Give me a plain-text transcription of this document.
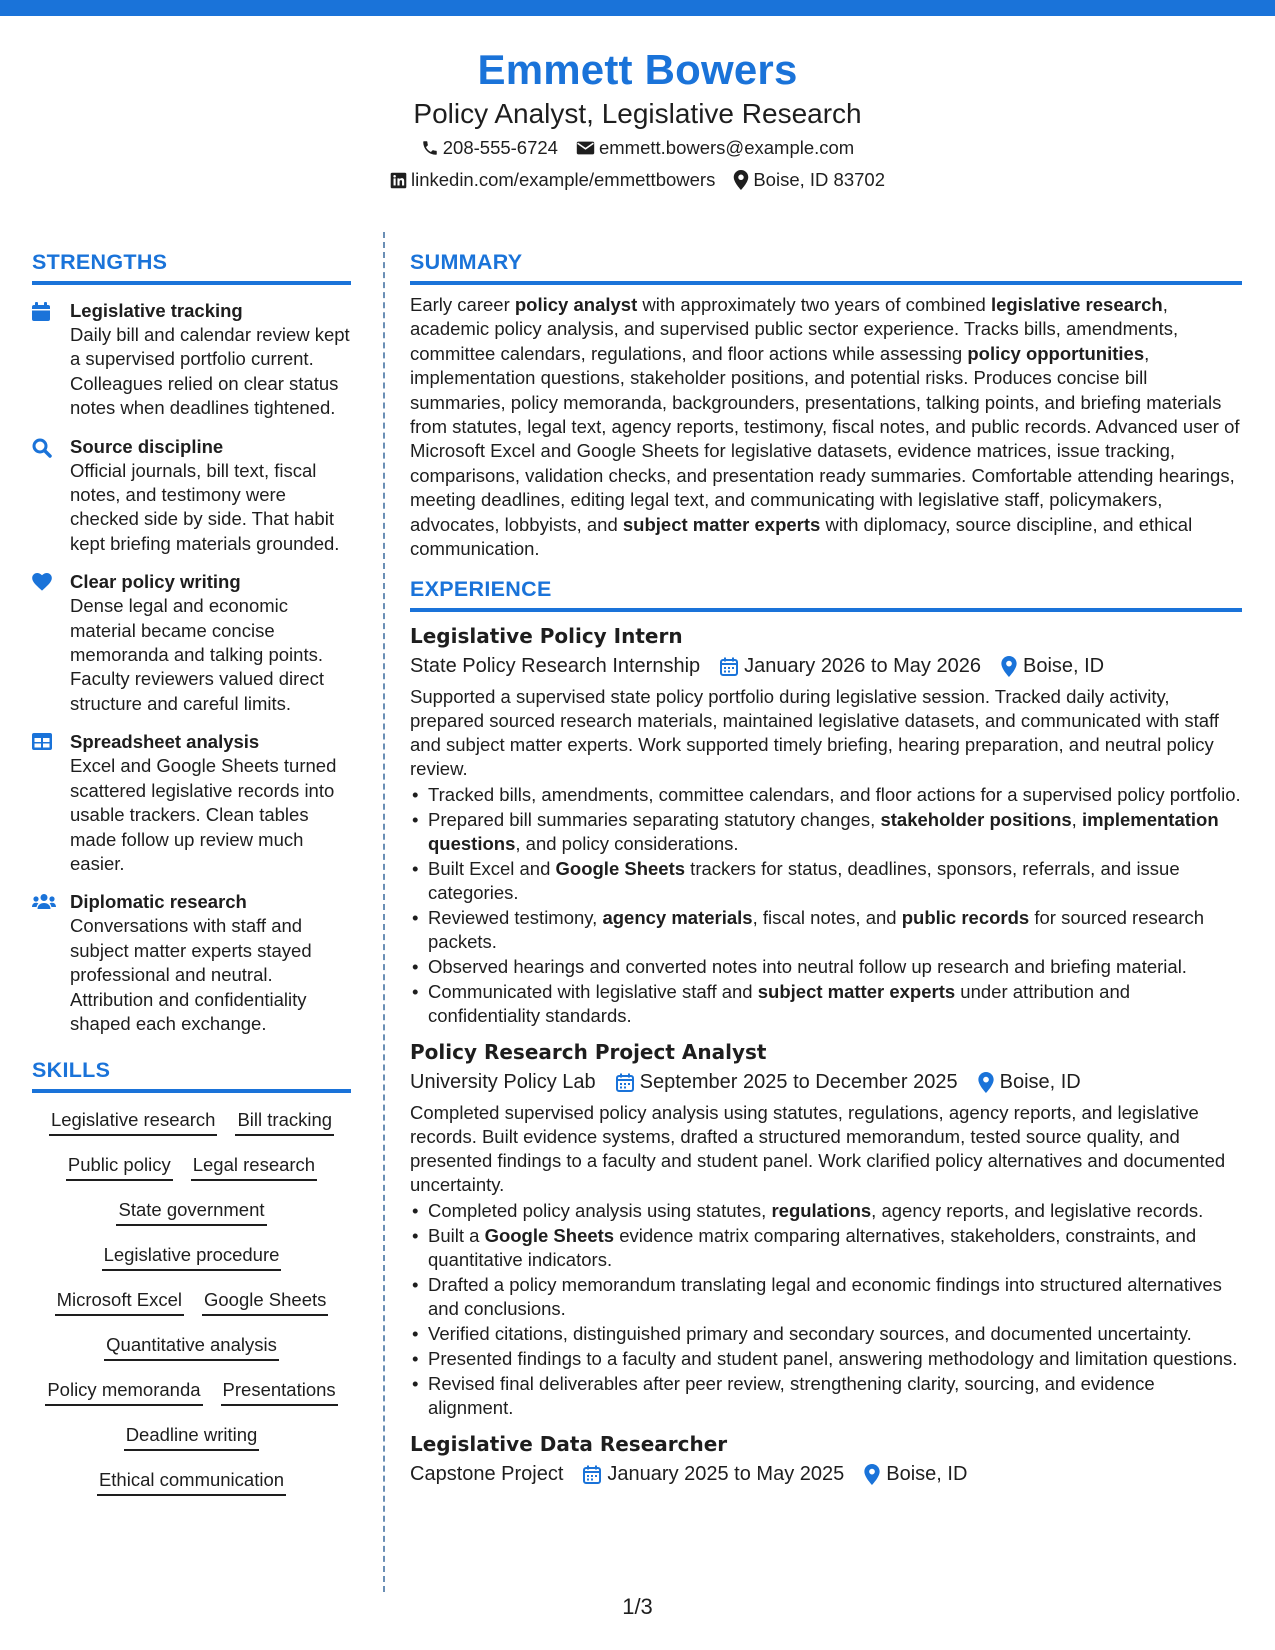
Emmett Bowers
Policy Analyst, Legislative Research
208-555-6724 emmett.bowers@example.com
linkedin.com/example/emmettbowers Boise, ID 83702
STRENGTHS
Legislative tracking
Daily bill and calendar review kept a supervised portfolio current. Colleagues relied on clear status notes when deadlines tightened.
Source discipline
Official journals, bill text, fiscal notes, and testimony were checked side by side. That habit kept briefing materials grounded.
Clear policy writing
Dense legal and economic material became concise memoranda and talking points. Faculty reviewers valued direct structure and careful limits.
Spreadsheet analysis
Excel and Google Sheets turned scattered legislative records into usable trackers. Clean tables made follow up review much easier.
Diplomatic research
Conversations with staff and subject matter experts stayed professional and neutral. Attribution and confidentiality shaped each exchange.
SKILLS
Legislative research Bill tracking
Public policy Legal research
State government
Legislative procedure
Microsoft Excel Google Sheets
Quantitative analysis
Policy memoranda Presentations
Deadline writing
Ethical communication
SUMMARY
Early career policy analyst with approximately two years of combined legislative research, academic policy analysis, and supervised public sector experience. Tracks bills, amendments, committee calendars, regulations, and floor actions while assessing policy opportunities, implementation questions, stakeholder positions, and potential risks. Produces concise bill summaries, policy memoranda, backgrounders, presentations, talking points, and briefing materials from statutes, legal text, agency reports, testimony, fiscal notes, and public records. Advanced user of Microsoft Excel and Google Sheets for legislative datasets, evidence matrices, issue tracking, comparisons, validation checks, and presentation ready summaries. Comfortable attending hearings, meeting deadlines, editing legal text, and communicating with legislative staff, policymakers, advocates, lobbyists, and subject matter experts with diplomacy, source discipline, and ethical communication.
EXPERIENCE
Legislative Policy Intern
State Policy Research Internship January 2026 to May 2026 Boise, ID
Supported a supervised state policy portfolio during legislative session. Tracked daily activity, prepared sourced research materials, maintained legislative datasets, and communicated with staff and subject matter experts. Work supported timely briefing, hearing preparation, and neutral policy review.
• Tracked bills, amendments, committee calendars, and floor actions for a supervised policy portfolio.
• Prepared bill summaries separating statutory changes, stakeholder positions, implementation questions, and policy considerations.
• Built Excel and Google Sheets trackers for status, deadlines, sponsors, referrals, and issue categories.
• Reviewed testimony, agency materials, fiscal notes, and public records for sourced research packets.
• Observed hearings and converted notes into neutral follow up research and briefing material.
• Communicated with legislative staff and subject matter experts under attribution and confidentiality standards.
Policy Research Project Analyst
University Policy Lab September 2025 to December 2025 Boise, ID
Completed supervised policy analysis using statutes, regulations, agency reports, and legislative records. Built evidence systems, drafted a structured memorandum, tested source quality, and presented findings to a faculty and student panel. Work clarified policy alternatives and documented uncertainty.
• Completed policy analysis using statutes, regulations, agency reports, and legislative records.
• Built a Google Sheets evidence matrix comparing alternatives, stakeholders, constraints, and quantitative indicators.
• Drafted a policy memorandum translating legal and economic findings into structured alternatives and conclusions.
• Verified citations, distinguished primary and secondary sources, and documented uncertainty.
• Presented findings to a faculty and student panel, answering methodology and limitation questions.
• Revised final deliverables after peer review, strengthening clarity, sourcing, and evidence alignment.
Legislative Data Researcher
Capstone Project January 2025 to May 2025 Boise, ID
1/3
